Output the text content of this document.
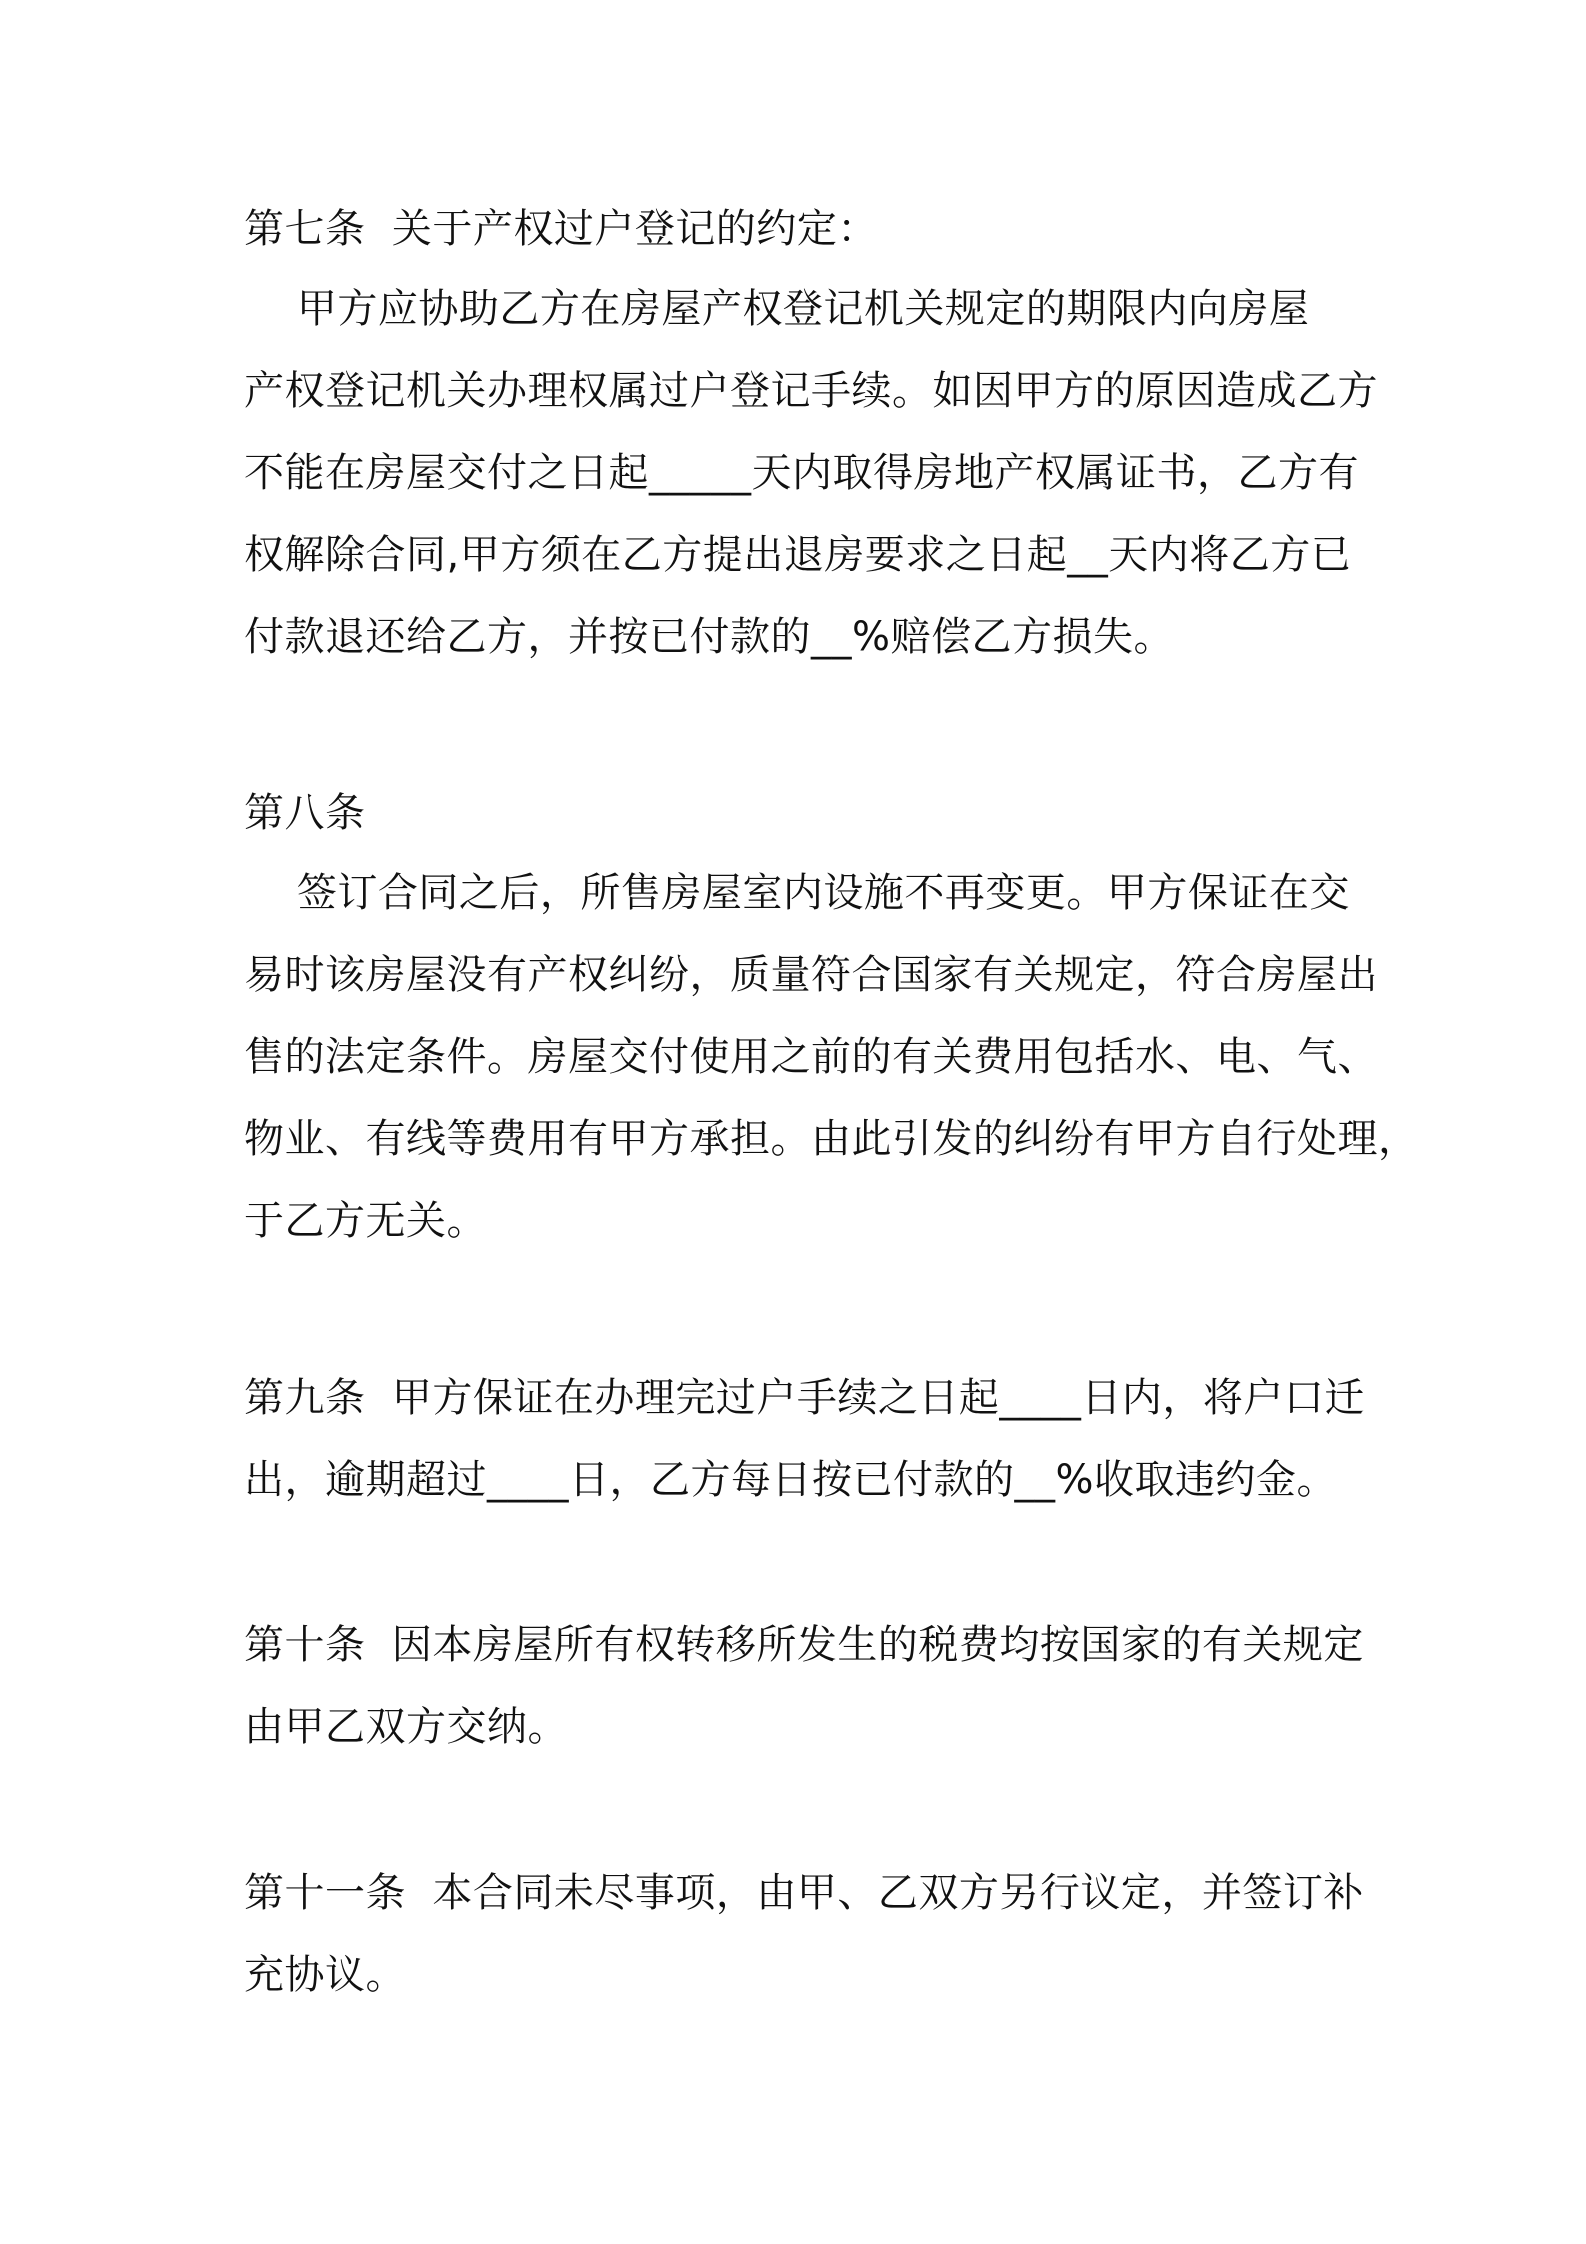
第七条  关于产权过户登记的约定：
甲方应协助乙方在房屋产权登记机关规定的期限内向房屋
产权登记机关办理权属过户登记手续。如因甲方的原因造成乙方
不能在房屋交付之日起_____天内取得房地产权属证书，乙方有
权解除合同,甲方须在乙方提出退房要求之日起__天内将乙方已
付款退还给乙方，并按已付款的__%赔偿乙方损失。
第八条
签订合同之后，所售房屋室内设施不再变更。甲方保证在交
易时该房屋没有产权纠纷，质量符合国家有关规定，符合房屋出
售的法定条件。房屋交付使用之前的有关费用包括水、电、气、
物业、有线等费用有甲方承担。由此引发的纠纷有甲方自行处理，
于乙方无关。
第九条  甲方保证在办理完过户手续之日起____日内，将户口迁
出，逾期超过____日，乙方每日按已付款的__%收取违约金。
第十条  因本房屋所有权转移所发生的税费均按国家的有关规定
由甲乙双方交纳。
第十一条  本合同未尽事项，由甲、乙双方另行议定，并签订补
充协议。
